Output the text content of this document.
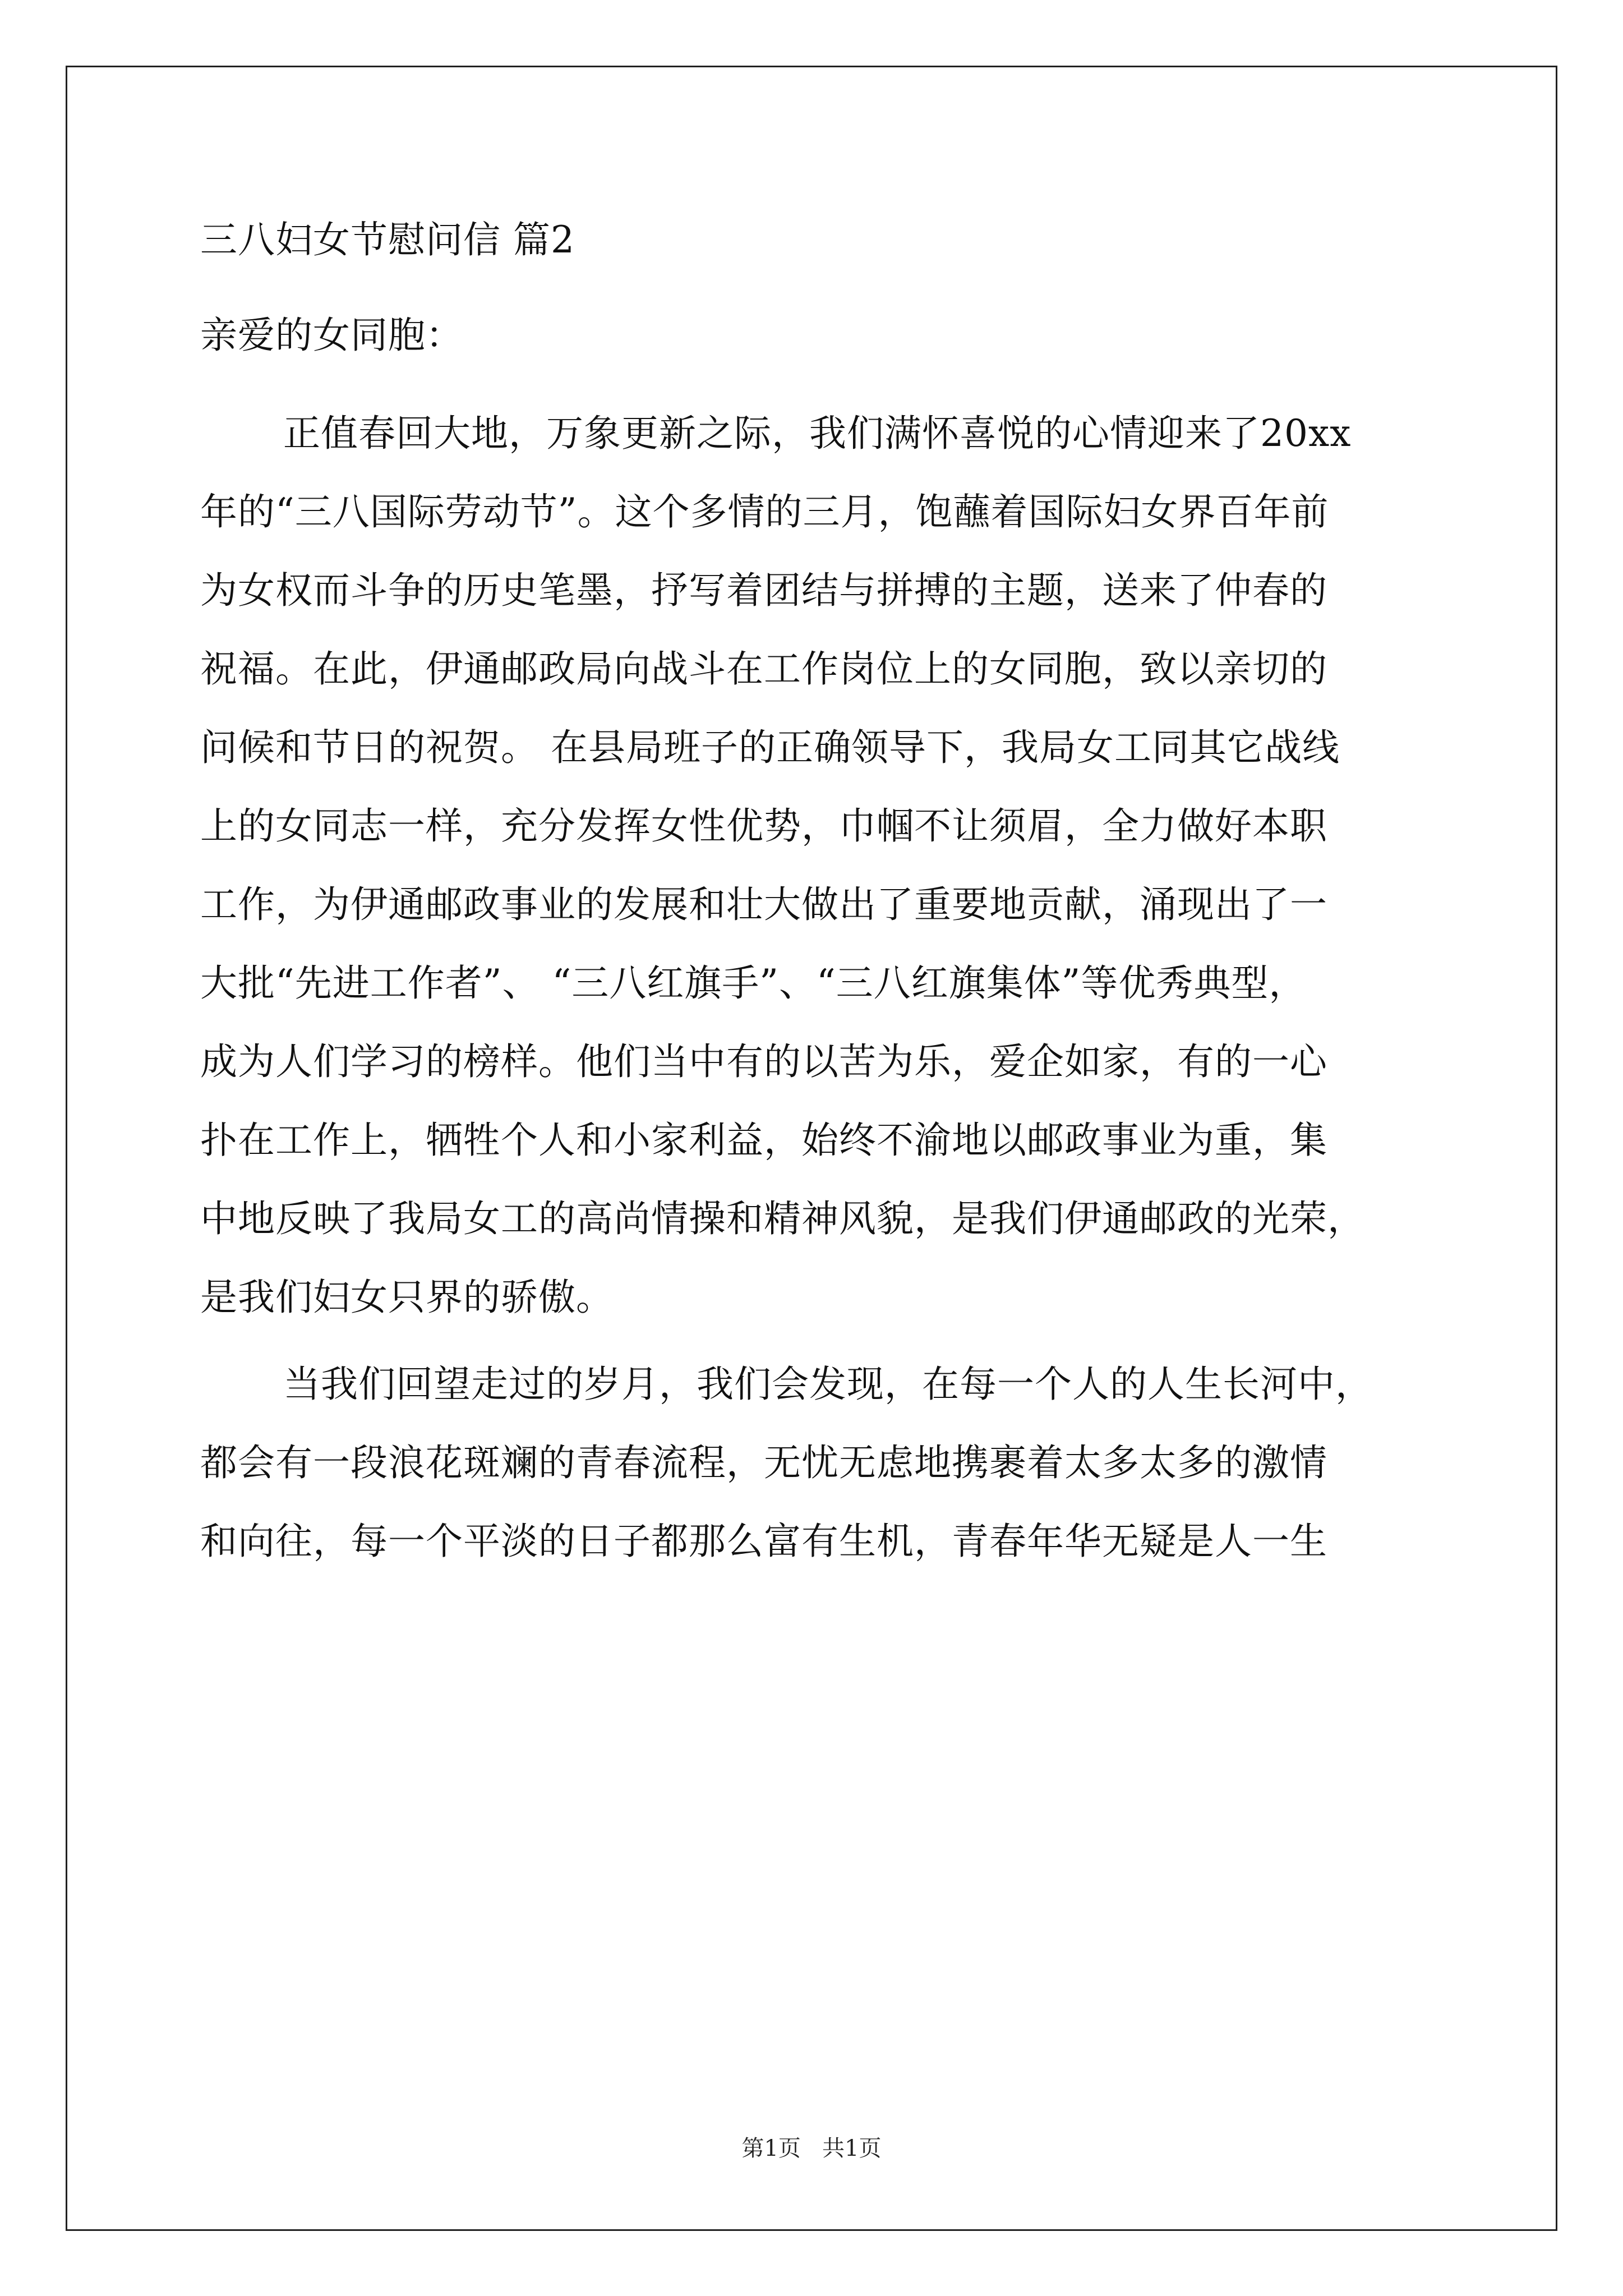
三八妇女节慰问信 篇2
亲爱的女同胞：
正值春回大地，万象更新之际，我们满怀喜悦的心情迎来了20xx
年的“三八国际劳动节”。这个多情的三月，饱蘸着国际妇女界百年前
为女权而斗争的历史笔墨，抒写着团结与拼搏的主题，送来了仲春的
祝福。在此，伊通邮政局向战斗在工作岗位上的女同胞，致以亲切的
问候和节日的祝贺。 在县局班子的正确领导下，我局女工同其它战线
上的女同志一样，充分发挥女性优势，巾帼不让须眉，全力做好本职
工作，为伊通邮政事业的发展和壮大做出了重要地贡献，涌现出了一
大批“先进工作者”、 “三八红旗手”、“三八红旗集体”等优秀典型，
成为人们学习的榜样。他们当中有的以苦为乐，爱企如家，有的一心
扑在工作上，牺牲个人和小家利益，始终不渝地以邮政事业为重，集
中地反映了我局女工的高尚情操和精神风貌，是我们伊通邮政的光荣，
是我们妇女只界的骄傲。
当我们回望走过的岁月，我们会发现，在每一个人的人生长河中，
都会有一段浪花斑斓的青春流程，无忧无虑地携裹着太多太多的激情
和向往，每一个平淡的日子都那么富有生机，青春年华无疑是人一生
第1页   共1页
